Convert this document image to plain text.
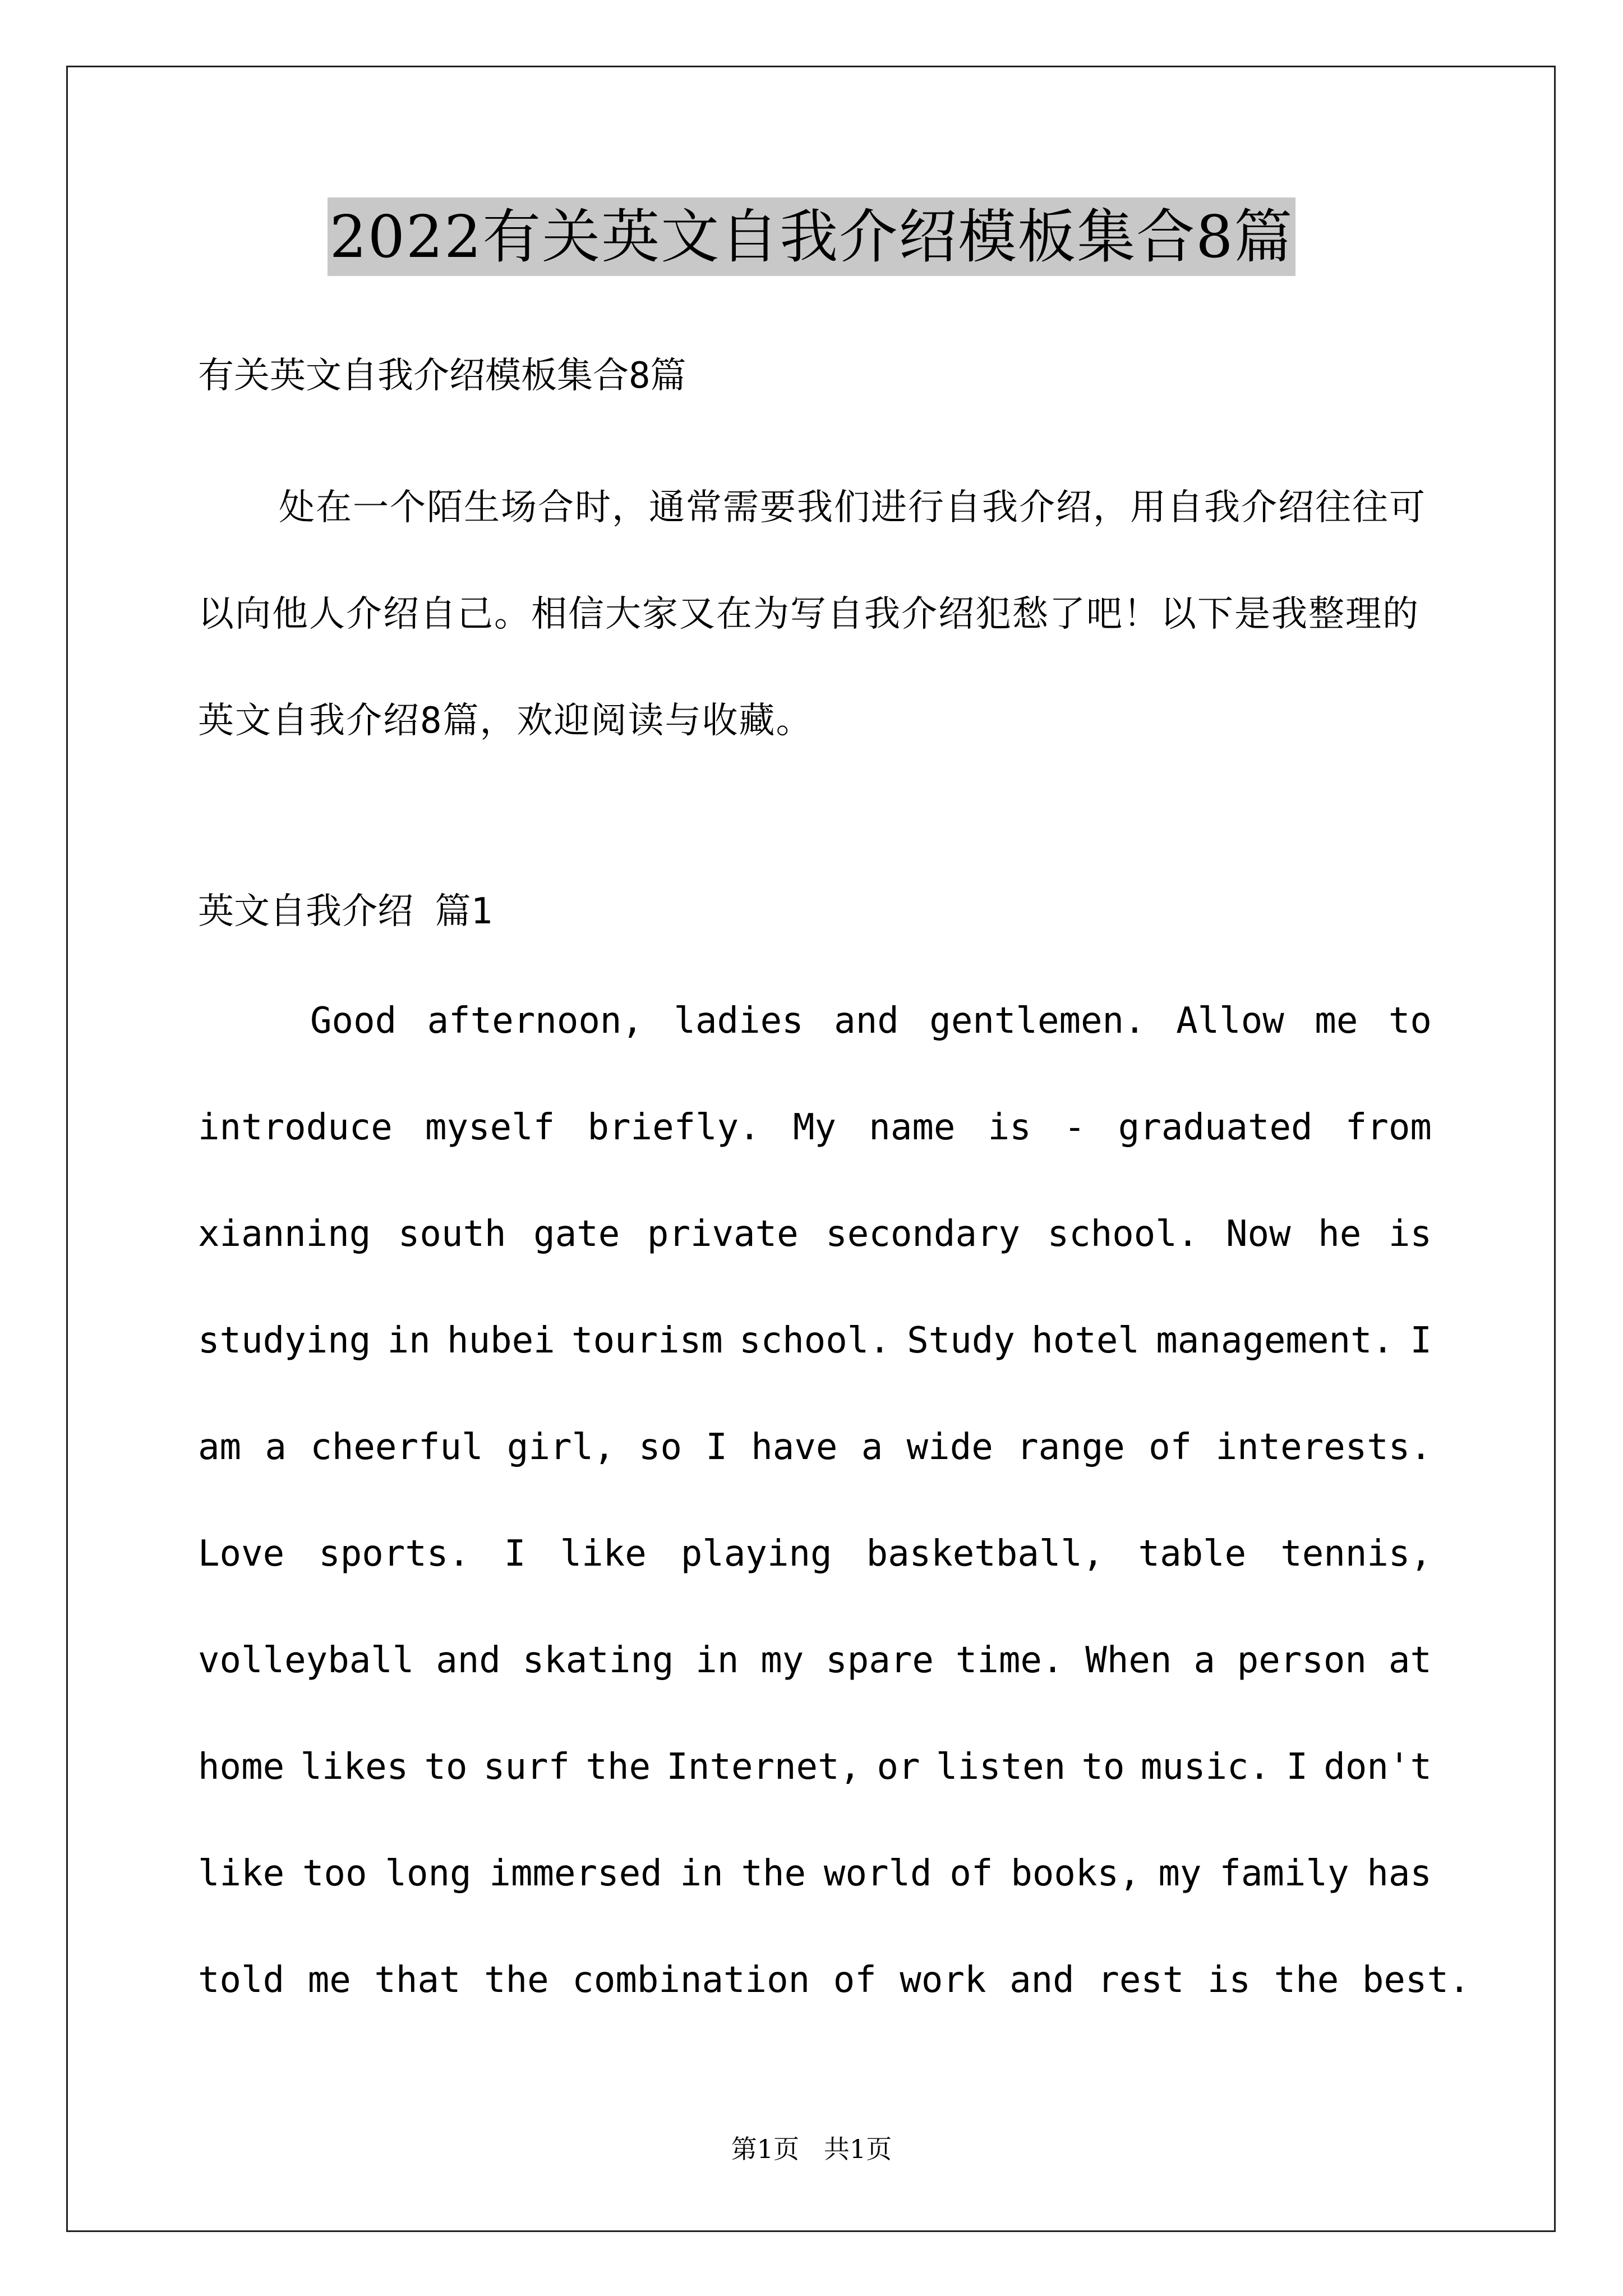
2022有关英文自我介绍模板集合8篇
有关英文自我介绍模板集合8篇
处在一个陌生场合时，通常需要我们进行自我介绍，用自我介绍往往可以向他人介绍自己。相信大家又在为写自我介绍犯愁了吧！以下是我整理的英文自我介绍8篇，欢迎阅读与收藏。
英文自我介绍 篇1
Good afternoon, ladies and gentlemen. Allow me to
introduce myself briefly. My name is - graduated from
xianning south gate private secondary school. Now he is
studying in hubei tourism school. Study hotel management. I
am a cheerful girl, so I have a wide range of interests.
Love sports. I like playing basketball, table tennis,
volleyball and skating in my spare time. When a person at
home likes to surf the Internet, or listen to music. I don't
like too long immersed in the world of books, my family has
told me that the combination of work and rest is the best.
第1页   共1页
